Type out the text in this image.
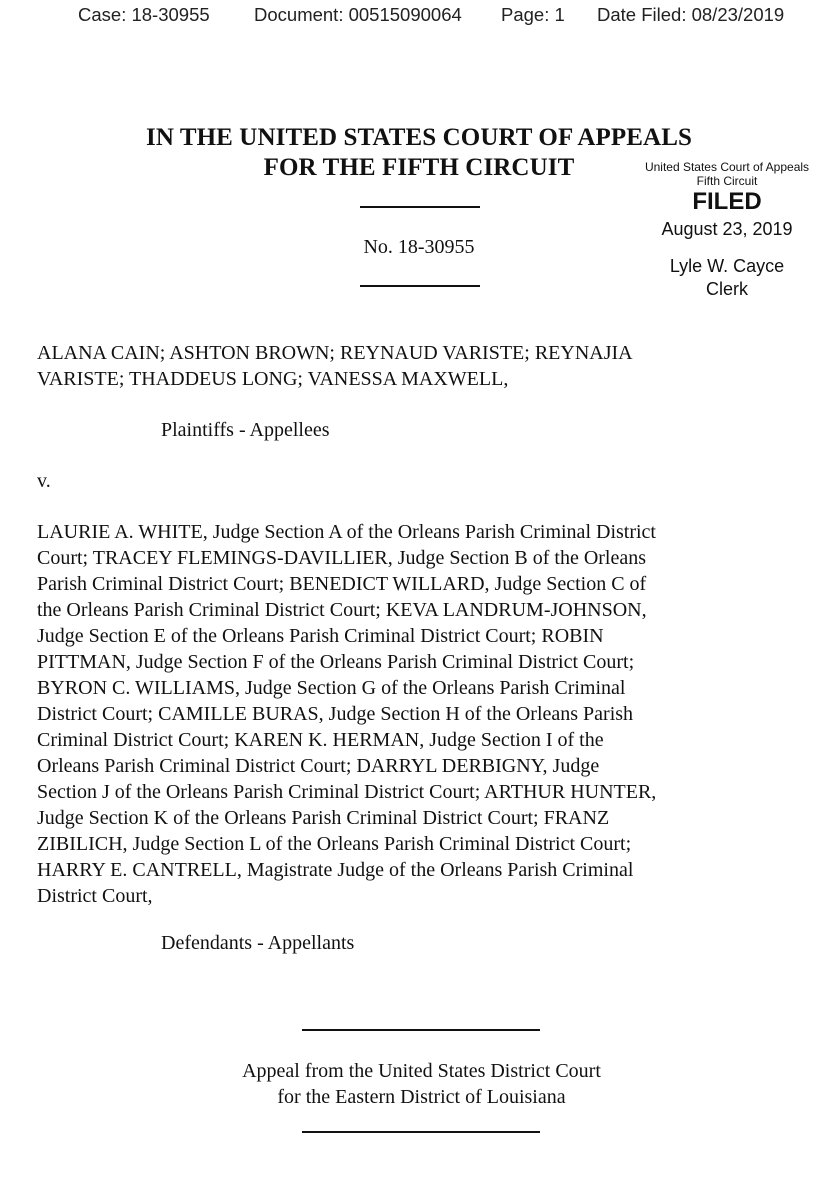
Case: 18-30955 Document: 00515090064 Page: 1 Date Filed: 08/23/2019
IN THE UNITED STATES COURT OF APPEALS
FOR THE FIFTH CIRCUIT	United States Court of Appeals
Fifth Circuit
FILED
August 23, 2019
Lyle W. Cayce
Clerk
No. 18-30955
ALANA CAIN; ASHTON BROWN; REYNAUD VARISTE; REYNAJIA
VARISTE; THADDEUS LONG; VANESSA MAXWELL,
Plaintiffs - Appellees
v.
LAURIE A. WHITE, Judge Section A of the Orleans Parish Criminal District
Court; TRACEY FLEMINGS-DAVILLIER, Judge Section B of the Orleans
Parish Criminal District Court; BENEDICT WILLARD, Judge Section C of
the Orleans Parish Criminal District Court; KEVA LANDRUM-JOHNSON,
Judge Section E of the Orleans Parish Criminal District Court; ROBIN
PITTMAN, Judge Section F of the Orleans Parish Criminal District Court;
BYRON C. WILLIAMS, Judge Section G of the Orleans Parish Criminal
District Court; CAMILLE BURAS, Judge Section H of the Orleans Parish
Criminal District Court; KAREN K. HERMAN, Judge Section I of the
Orleans Parish Criminal District Court; DARRYL DERBIGNY, Judge
Section J of the Orleans Parish Criminal District Court; ARTHUR HUNTER,
Judge Section K of the Orleans Parish Criminal District Court; FRANZ
ZIBILICH, Judge Section L of the Orleans Parish Criminal District Court;
HARRY E. CANTRELL, Magistrate Judge of the Orleans Parish Criminal
District Court,
Defendants - Appellants
Appeal from the United States District Court
for the Eastern District of Louisiana
